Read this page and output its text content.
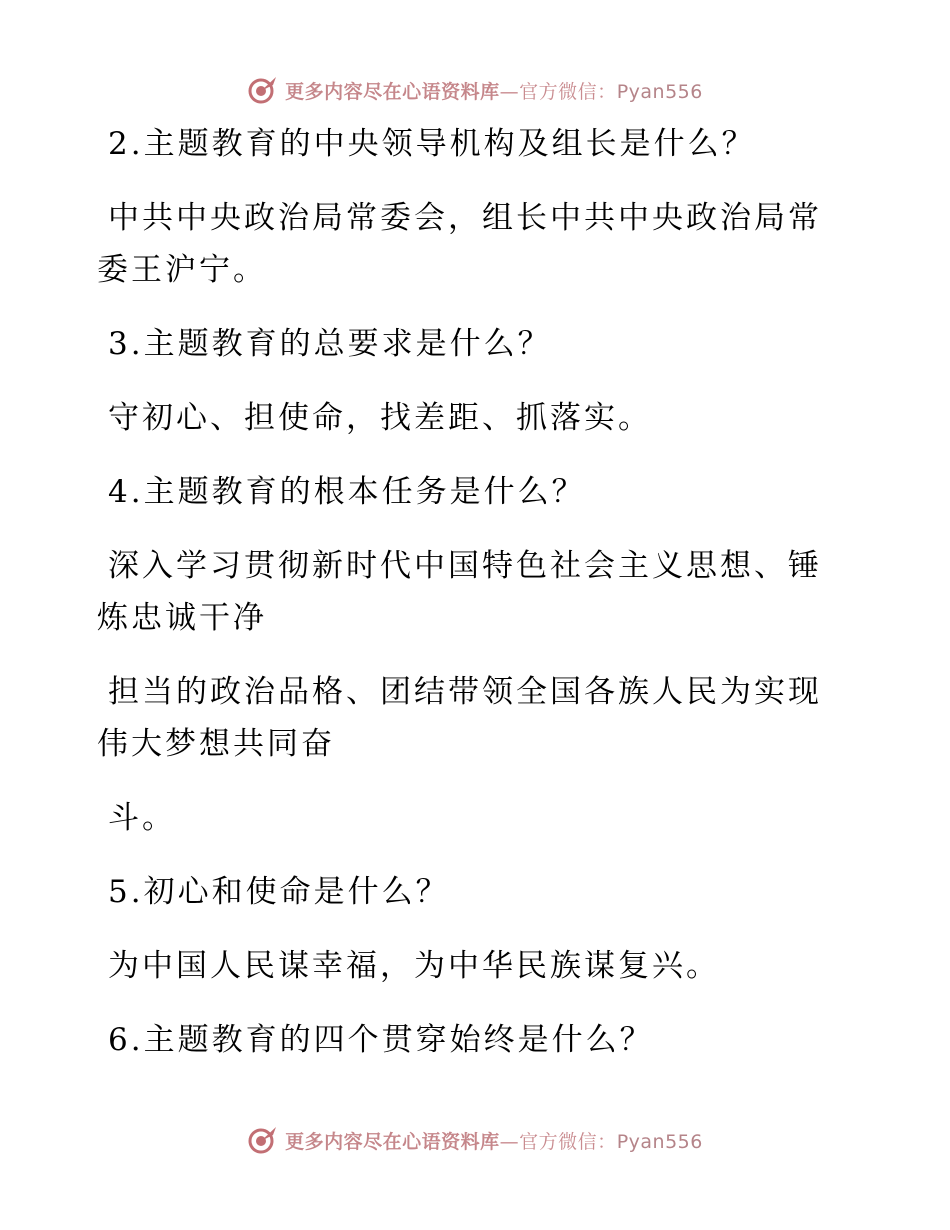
更多内容尽在心语资料库—官方微信：Pyan556
2.主题教育的中央领导机构及组长是什么？
中共中央政治局常委会，组长中共中央政治局常
委王沪宁。
3.主题教育的总要求是什么？
守初心、担使命，找差距、抓落实。
4.主题教育的根本任务是什么？
深入学习贯彻新时代中国特色社会主义思想、锤
炼忠诚干净
担当的政治品格、团结带领全国各族人民为实现
伟大梦想共同奋
斗。
5.初心和使命是什么？
为中国人民谋幸福，为中华民族谋复兴。
6.主题教育的四个贯穿始终是什么？
更多内容尽在心语资料库—官方微信：Pyan556
